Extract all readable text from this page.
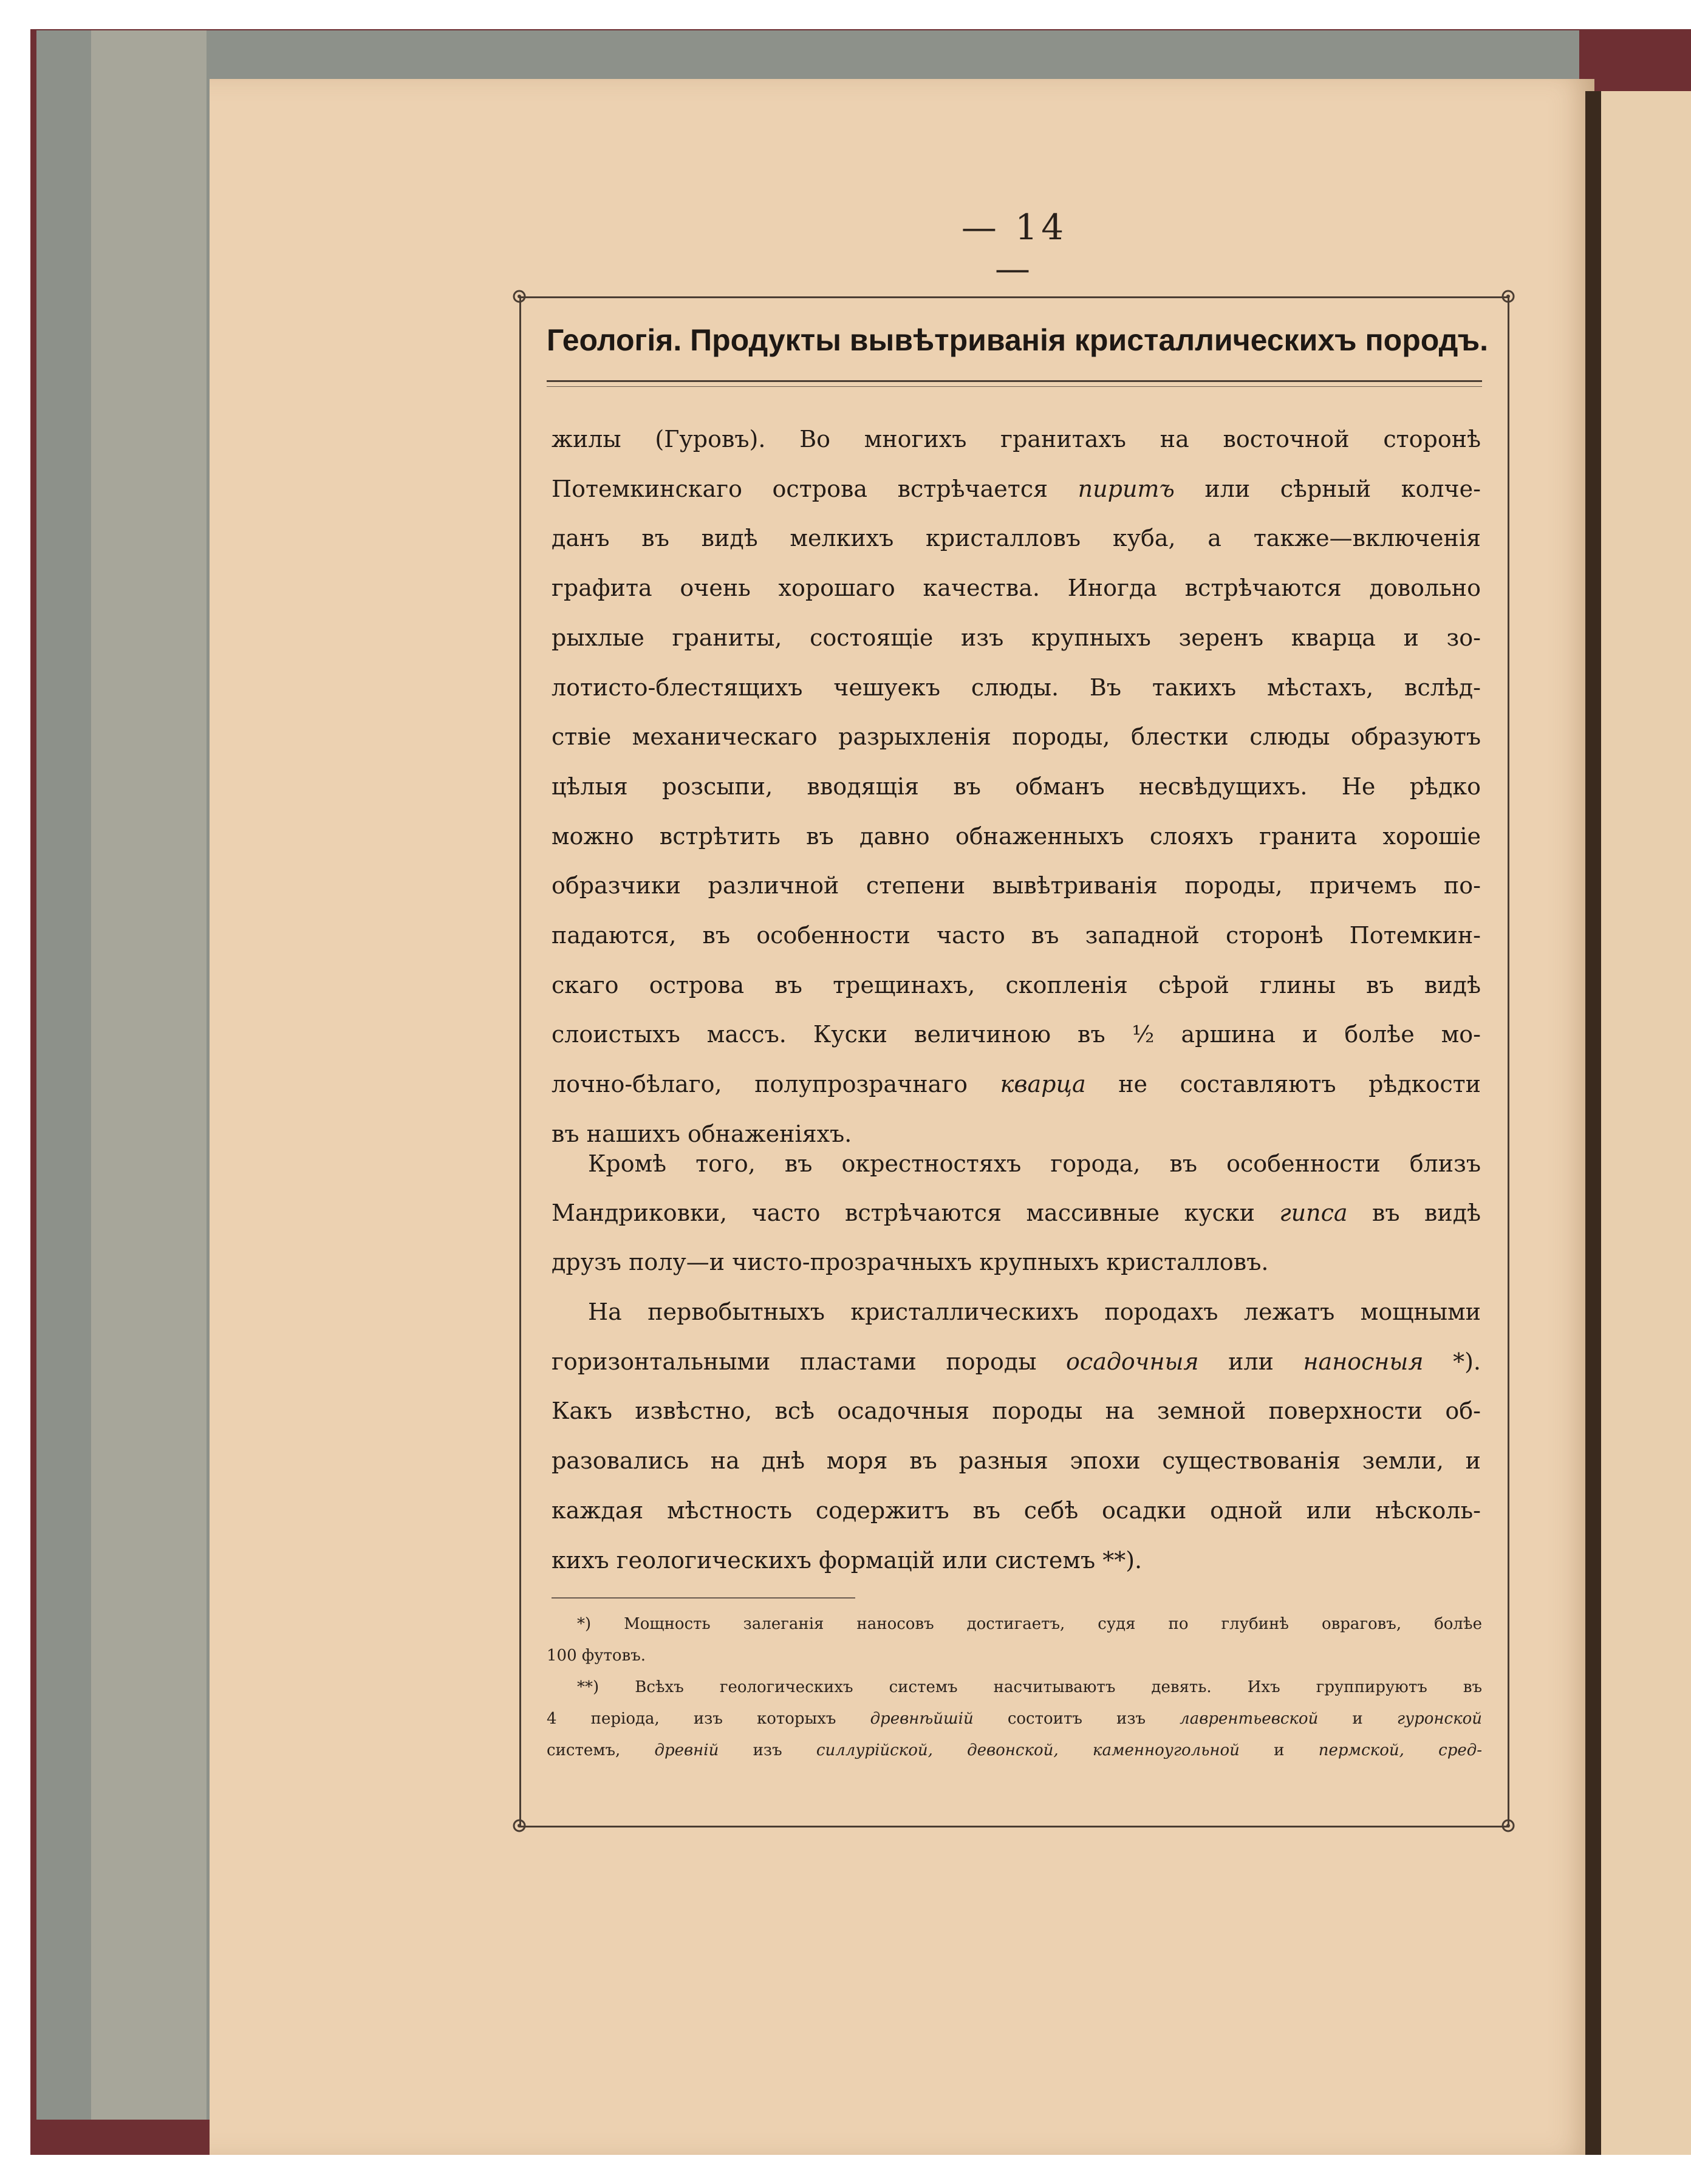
— 14 —
Геологія. Продукты вывѣтриванія кристаллическихъ породъ.

жилы (Гуровъ). Во многихъ гранитахъ на восточной сторонѣ

Потемкинскаго острова встрѣчается пиритъ или сѣрный колче-

данъ въ видѣ мелкихъ кристалловъ куба, а также—включенія

графита очень хорошаго качества. Иногда встрѣчаются довольно

рыхлые граниты, состоящіе изъ крупныхъ зеренъ кварца и зо-

лотисто-блестящихъ чешуекъ слюды. Въ такихъ мѣстахъ, вслѣд-

ствіе механическаго разрыхленія породы, блестки слюды образуютъ

цѣлыя розсыпи, вводящія въ обманъ несвѣдущихъ. Не рѣдко

можно встрѣтить въ давно обнаженныхъ слояхъ гранита хорошіе

образчики различной степени вывѣтриванія породы, причемъ по-

падаются, въ особенности часто въ западной сторонѣ Потемкин-

скаго острова въ трещинахъ, скопленія сѣрой глины въ видѣ

слоистыхъ массъ. Куски величиною въ ½ аршина и болѣе мо-

лочно-бѣлаго, полупрозрачнаго кварца не составляютъ рѣдкости

въ нашихъ обнаженіяхъ.

Кромѣ того, въ окрестностяхъ города, въ особенности близъ

Мандриковки, часто встрѣчаются массивные куски гипса въ видѣ

друзъ полу—и чисто-прозрачныхъ крупныхъ кристалловъ.

На первобытныхъ кристаллическихъ породахъ лежатъ мощными

горизонтальными пластами породы осадочныя или наносныя *).

Какъ извѣстно, всѣ осадочныя породы на земной поверхности об-

разовались на днѣ моря въ разныя эпохи существованія земли, и

каждая мѣстность содержитъ въ себѣ осадки одной или нѣсколь-

кихъ геологическихъ формацій или системъ **).

*) Мощность залеганія наносовъ достигаетъ, судя по глубинѣ овраговъ, болѣе

100 футовъ.

**) Всѣхъ геологическихъ системъ насчитываютъ девять. Ихъ группируютъ въ

4 періода, изъ которыхъ древнѣйшій состоитъ изъ лаврентьевской и гуронской

системъ, древній изъ силлурійской, девонской, каменноугольной и пермской, сред-
